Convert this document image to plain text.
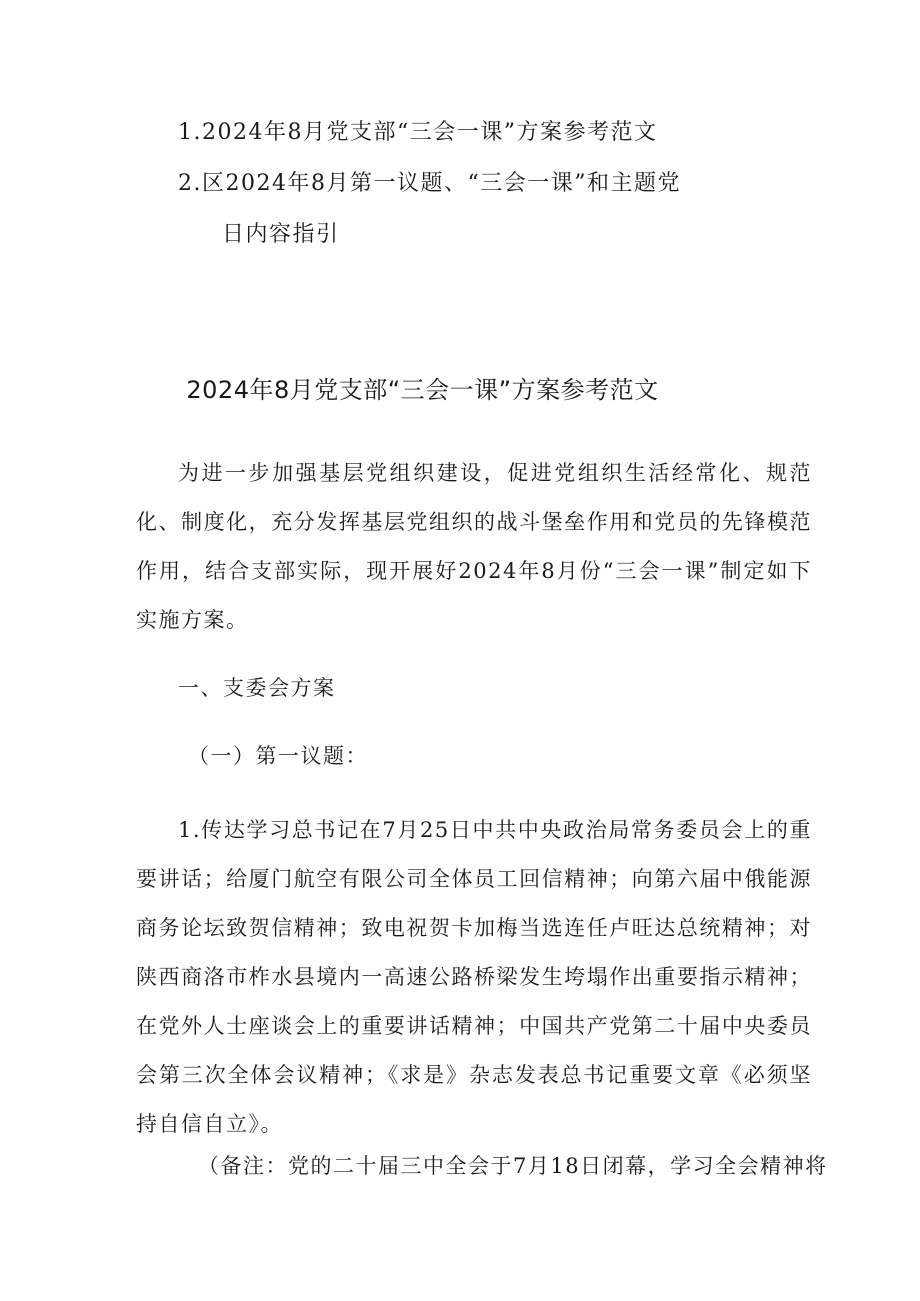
1.2024年8月党支部“三会一课”方案参考范文
2.区2024年8月第一议题、“三会一课”和主题党
日内容指引
2024年8月党支部“三会一课”方案参考范文
为进一步加强基层党组织建设，促进党组织生活经常化、规范化、制度化，充分发挥基层党组织的战斗堡垒作用和党员的先锋模范作用，结合支部实际，现开展好2024年8月份“三会一课”制定如下实施方案。
一、支委会方案
（一）第一议题：
1.传达学习总书记在7月25日中共中央政治局常务委员会上的重要讲话；给厦门航空有限公司全体员工回信精神；向第六届中俄能源商务论坛致贺信精神；致电祝贺卡加梅当选连任卢旺达总统精神；对陕西商洛市柞水县境内一高速公路桥梁发生垮塌作出重要指示精神；在党外人士座谈会上的重要讲话精神；中国共产党第二十届中央委员会第三次全体会议精神；《求是》杂志发表总书记重要文章《必须坚持自信自立》。
（备注：党的二十届三中全会于7月18日闭幕，学习全会精神将
